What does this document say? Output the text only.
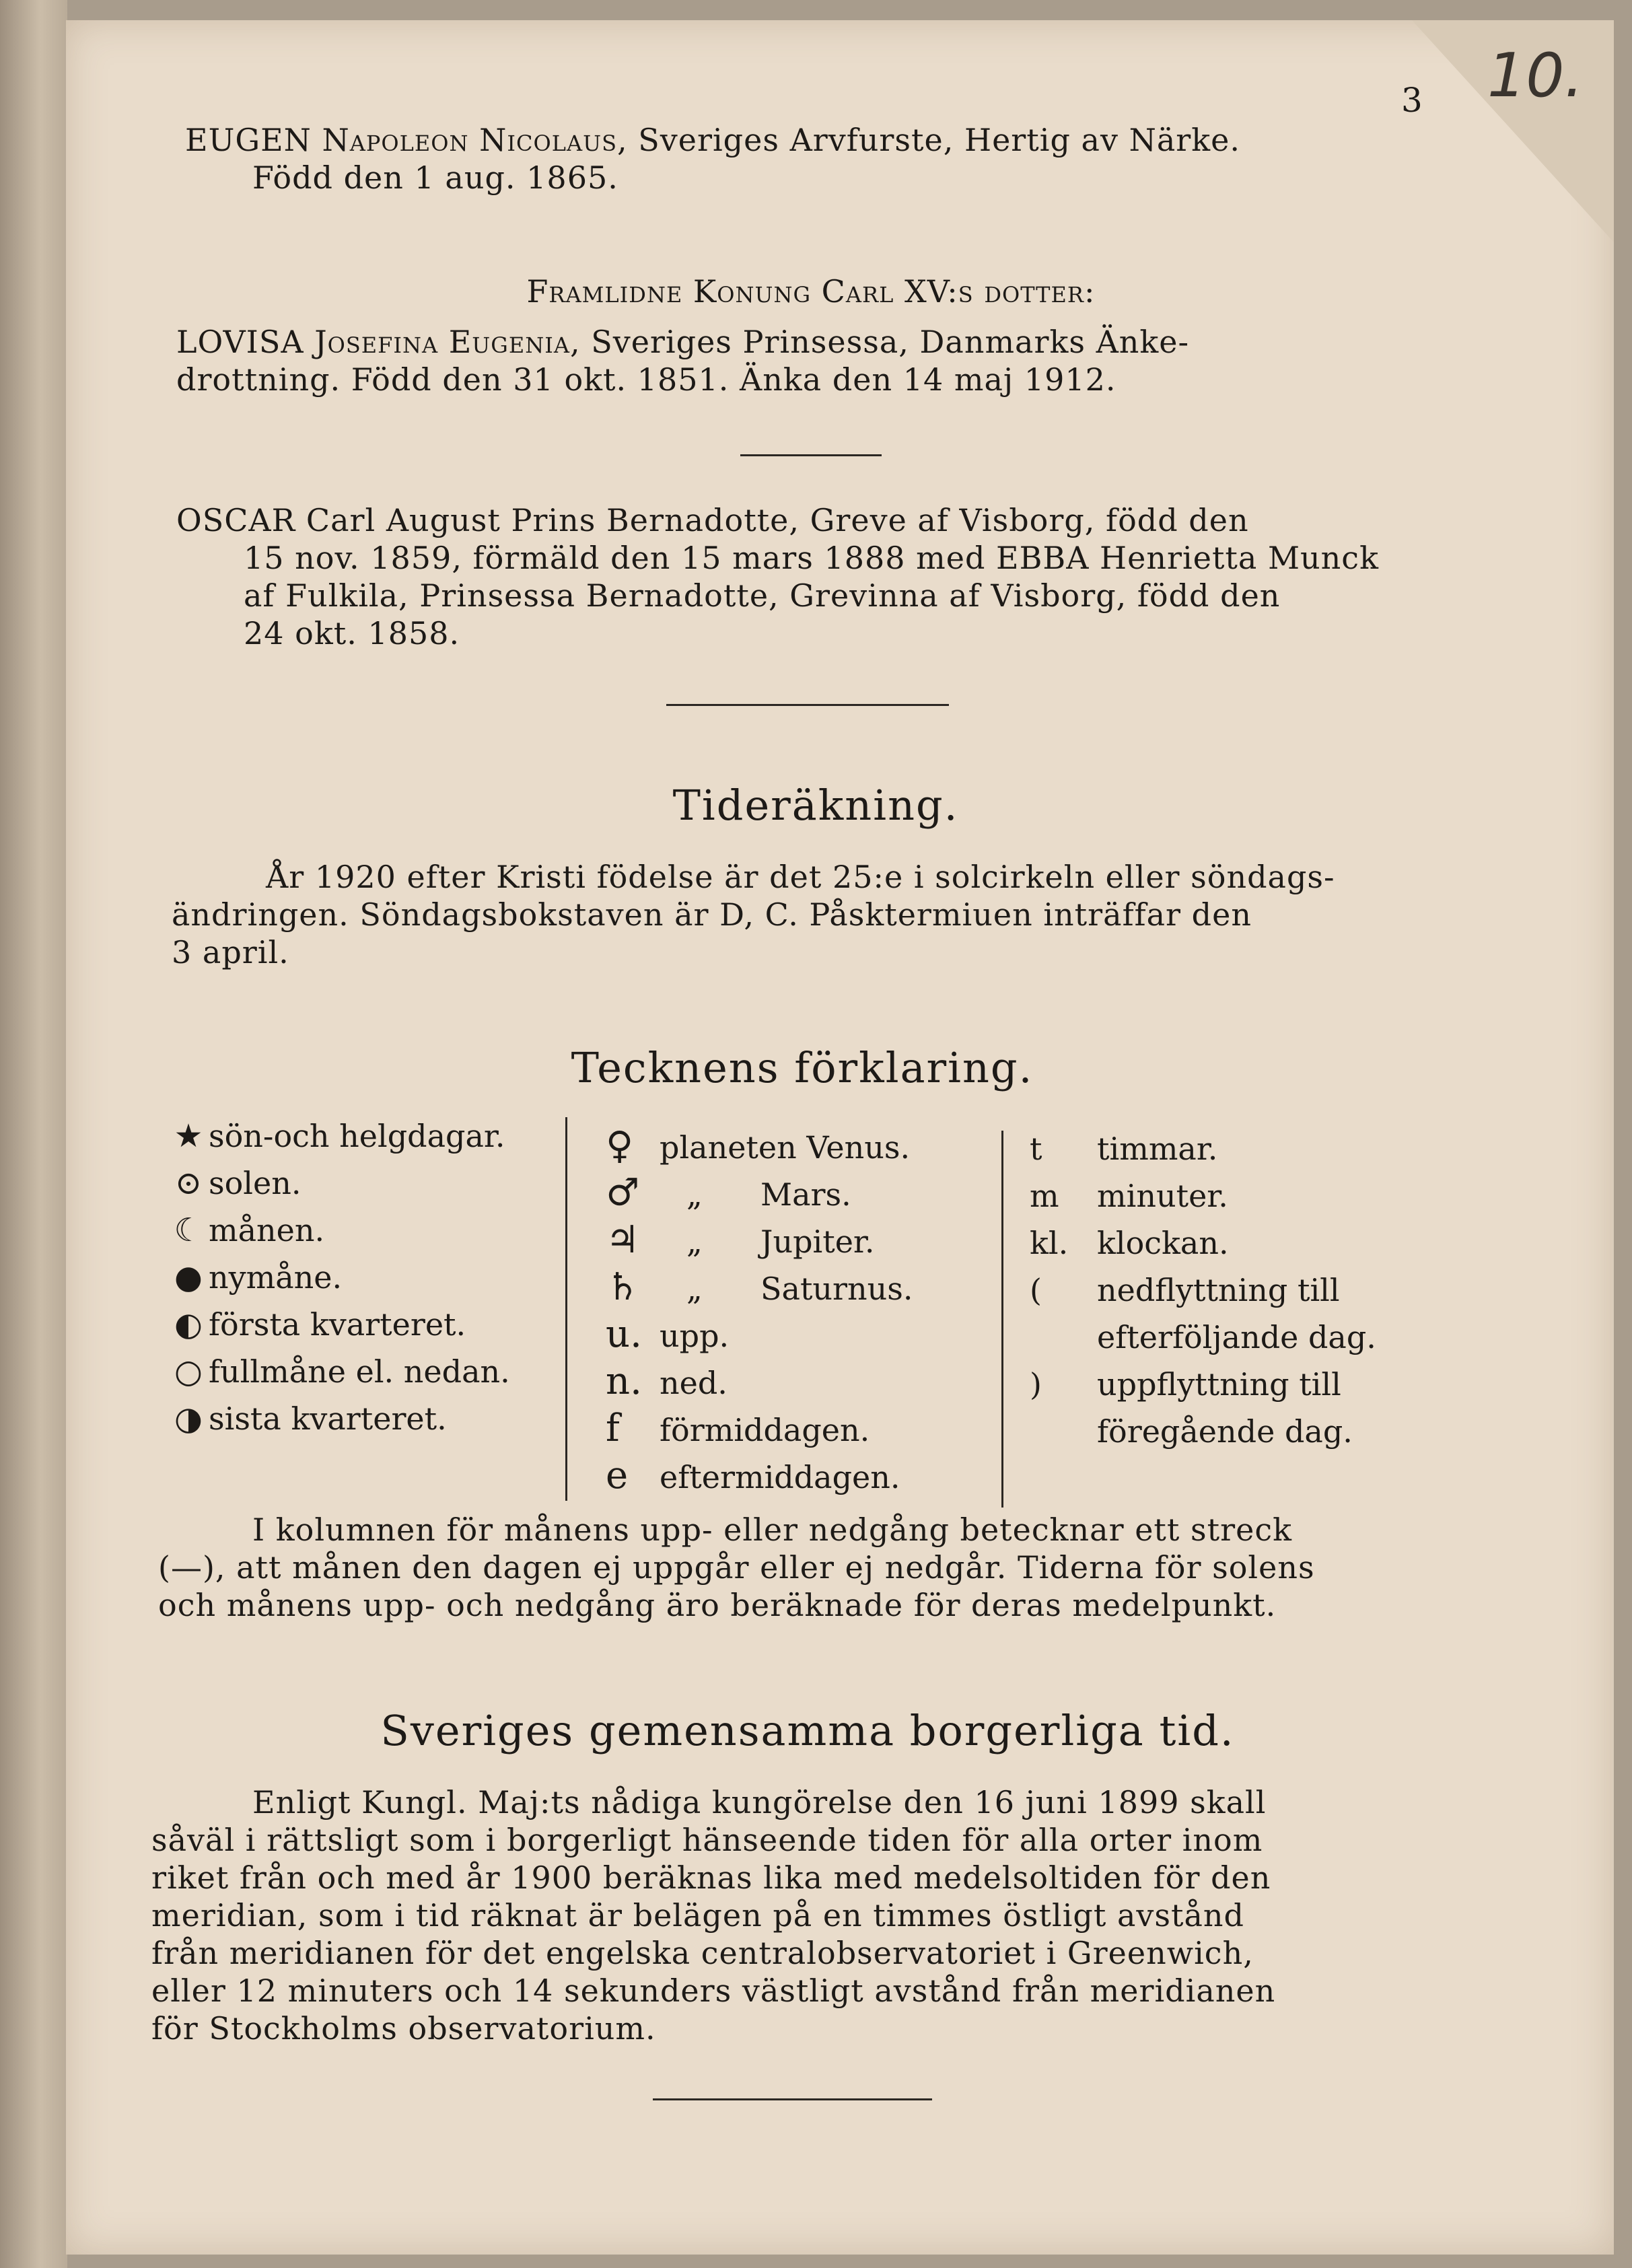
3 10.
EUGEN Napoleon Nicolaus, Sveriges Arvfurste, Hertig av Närke.
Född den 1 aug. 1865.
Framlidne Konung Carl XV:s dotter:
LOVISA Josefina Eugenia, Sveriges Prinsessa, Danmarks Änke-
drottning. Född den 31 okt. 1851. Änka den 14 maj 1912.
OSCAR Carl August Prins Bernadotte, Greve af Visborg, född den
15 nov. 1859, förmäld den 15 mars 1888 med EBBA Henrietta Munck
af Fulkila, Prinsessa Bernadotte, Grevinna af Visborg, född den
24 okt. 1858.
Tideräkning.
År 1920 efter Kristi födelse är det 25:e i solcirkeln eller söndags-
ändringen. Söndagsbokstaven är D, C. Påsktermiuen inträffar den
3 april.
Tecknens förklaring.
★ sön-och helgdagar.
⊙ solen.
☾ månen.
● nymåne.
◐ första kvarteret.
○ fullmåne el. nedan.
◑ sista kvarteret.
♀ planeten Venus.
♂ „ Mars.
♃ „ Jupiter.
♄ „ Saturnus.
u. upp.
n. ned.
f förmiddagen.
e eftermiddagen.
t timmar.
m minuter.
kl. klockan.
( nedflyttning till
efterföljande dag.
) uppflyttning till
föregående dag.
I kolumnen för månens upp- eller nedgång betecknar ett streck
(—), att månen den dagen ej uppgår eller ej nedgår. Tiderna för solens
och månens upp- och nedgång äro beräknade för deras medelpunkt.
Sveriges gemensamma borgerliga tid.
Enligt Kungl. Maj:ts nådiga kungörelse den 16 juni 1899 skall
såväl i rättsligt som i borgerligt hänseende tiden för alla orter inom
riket från och med år 1900 beräknas lika med medelsoltiden för den
meridian, som i tid räknat är belägen på en timmes östligt avstånd
från meridianen för det engelska centralobservatoriet i Greenwich,
eller 12 minuters och 14 sekunders västligt avstånd från meridianen
för Stockholms observatorium.
